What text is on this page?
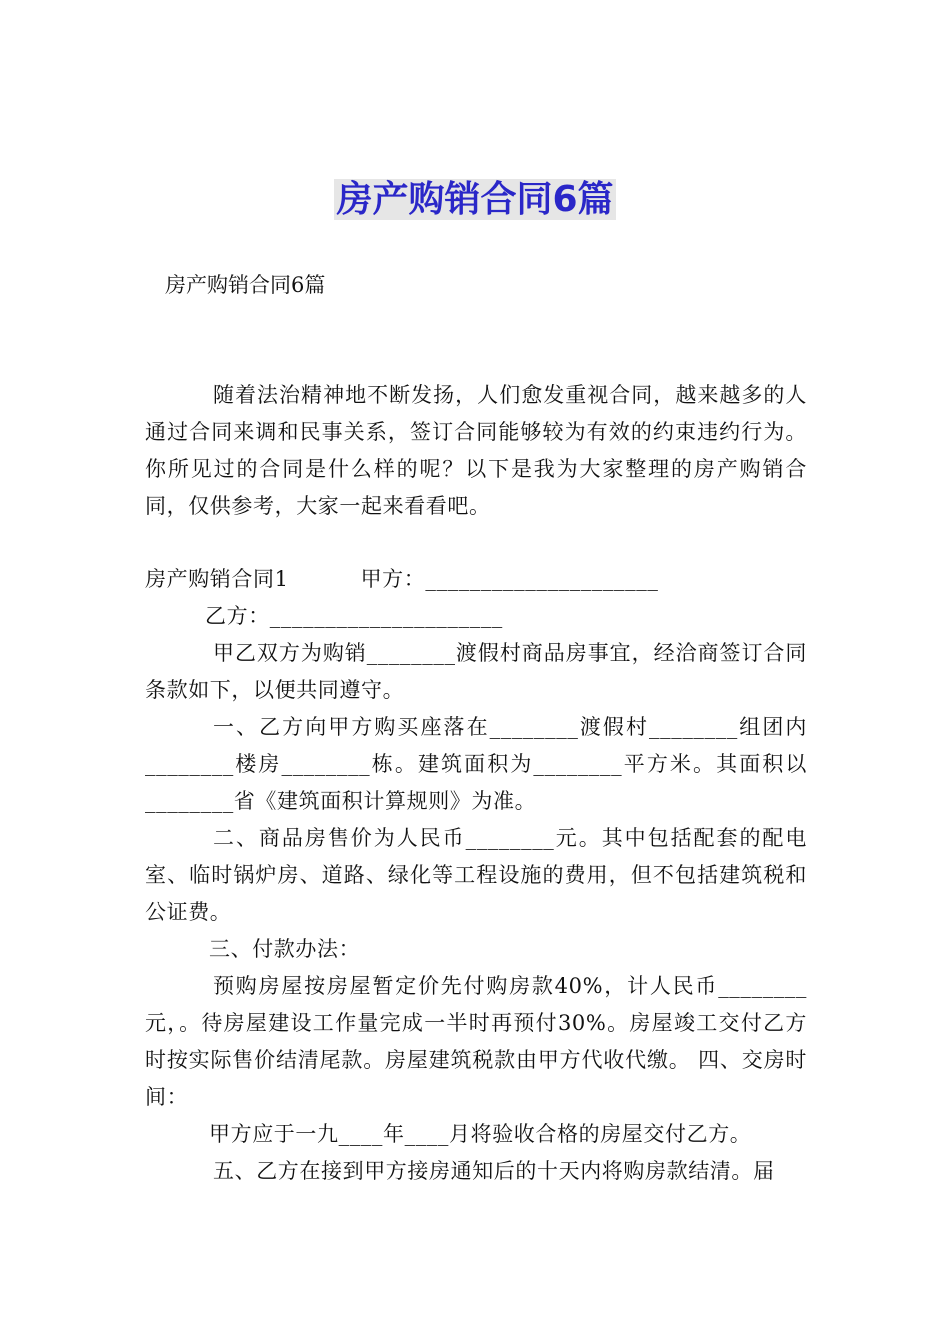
房产购销合同6篇
房产购销合同6篇

随着法治精神地不断发扬，人们愈发重视合同，越来越多的人通过合同来调和民事关系，签订合同能够较为有效的约束违约行为。你所见过的合同是什么样的呢？以下是我为大家整理的房产购销合同，仅供参考，大家一起来看看吧。

房产购销合同1	甲方：_____________________
乙方：_____________________

甲乙双方为购销________渡假村商品房事宜，经洽商签订合同条款如下，以便共同遵守。

一、乙方向甲方购买座落在________渡假村________组团内________楼房________栋。建筑面积为________平方米。其面积以________省《建筑面积计算规则》为准。

二、商品房售价为人民币________元。其中包括配套的配电室、临时锅炉房、道路、绿化等工程设施的费用，但不包括建筑税和公证费。

三、付款办法：

预购房屋按房屋暂定价先付购房款40%，计人民币________元，。待房屋建设工作量完成一半时再预付30%。房屋竣工交付乙方时按实际售价结清尾款。房屋建筑税款由甲方代收代缴。 四、交房时间：

甲方应于一九____年____月将验收合格的房屋交付乙方。

五、乙方在接到甲方接房通知后的十天内将购房款结清。届
